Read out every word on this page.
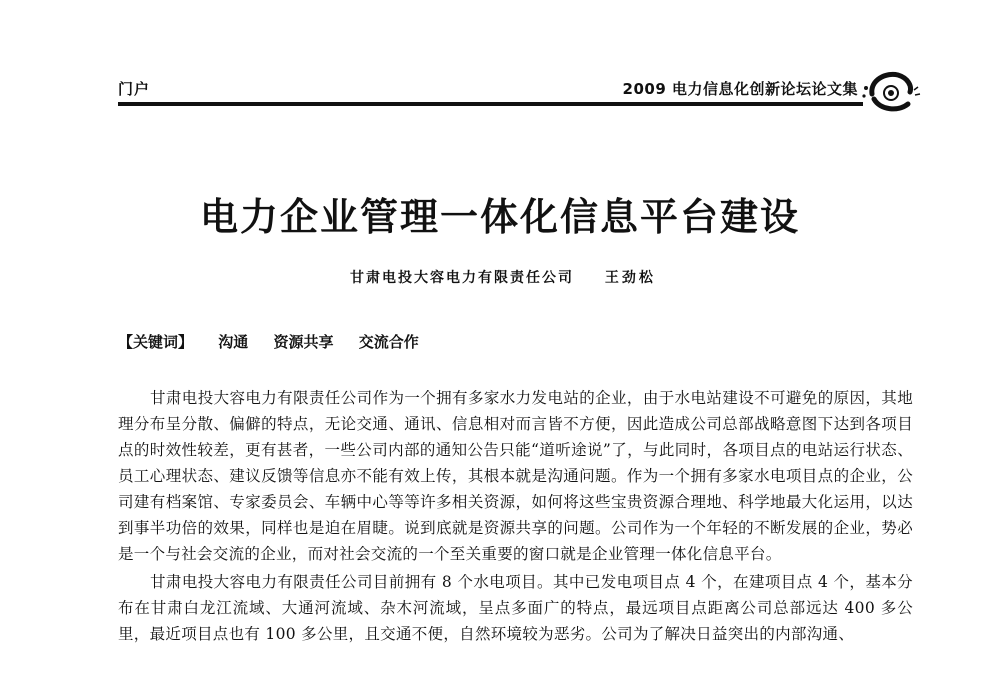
门户	2009 电力信息化创新论坛论文集
电力企业管理一体化信息平台建设
甘肃电投大容电力有限责任公司 王劲松
【关键词】 沟通 资源共享 交流合作

甘肃电投大容电力有限责任公司作为一个拥有多家水力发电站的企业，由于水电站建设不可避免的原因，其地理分布呈分散、偏僻的特点，无论交通、通讯、信息相对而言皆不方便，因此造成公司总部战略意图下达到各项目点的时效性较差，更有甚者，一些公司内部的通知公告只能“道听途说”了，与此同时，各项目点的电站运行状态、员工心理状态、建议反馈等信息亦不能有效上传，其根本就是沟通问题。作为一个拥有多家水电项目点的企业，公司建有档案馆、专家委员会、车辆中心等等许多相关资源，如何将这些宝贵资源合理地、科学地最大化运用，以达到事半功倍的效果，同样也是迫在眉睫。说到底就是资源共享的问题。公司作为一个年轻的不断发展的企业，势必是一个与社会交流的企业，而对社会交流的一个至关重要的窗口就是企业管理一体化信息平台。

甘肃电投大容电力有限责任公司目前拥有 8 个水电项目。其中已发电项目点 4 个，在建项目点 4 个，基本分布在甘肃白龙江流域、大通河流域、杂木河流域，呈点多面广的特点，最远项目点距离公司总部远达 400 多公里，最近项目点也有 100 多公里，且交通不便，自然环境较为恶劣。公司为了解决日益突出的内部沟通、
